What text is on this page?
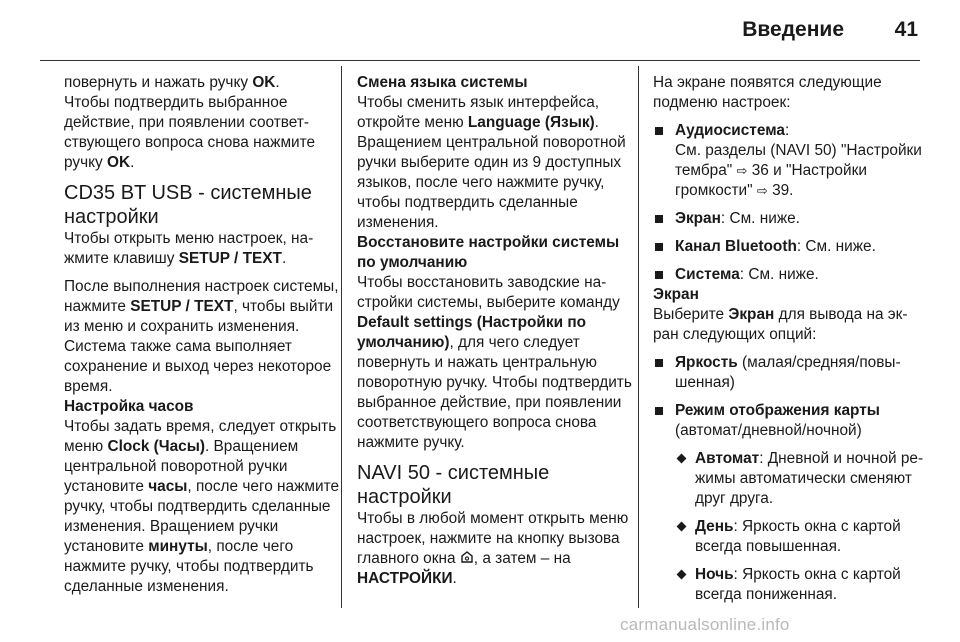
Введение 41
повернуть и нажать ручку OK.
Чтобы подтвердить выбранное действие, при появлении соответствующего вопроса снова нажмите ручку OK.
CD35 BT USB - системные настройки
Чтобы открыть меню настроек, нажмите клавишу SETUP / TEXT.
После выполнения настроек системы, нажмите SETUP / TEXT, чтобы выйти из меню и сохранить изменения. Система также сама выполняет сохранение и выход через некоторое время.
Настройка часов
Чтобы задать время, следует открыть меню Clock (Часы). Вращением центральной поворотной ручки установите часы, после чего нажмите ручку, чтобы подтвердить сделанные изменения. Вращением ручки установите минуты, после чего нажмите ручку, чтобы подтвердить сделанные изменения.
Смена языка системы
Чтобы сменить язык интерфейса, откройте меню Language (Язык). Вращением центральной поворотной ручки выберите один из 9 доступных языков, после чего нажмите ручку, чтобы подтвердить сделанные изменения.
Восстановите настройки системы по умолчанию
Чтобы восстановить заводские настройки системы, выберите команду Default settings (Настройки по умолчанию), для чего следует повернуть и нажать центральную поворотную ручку. Чтобы подтвердить выбранное действие, при появлении соответствующего вопроса снова нажмите ручку.
NAVI 50 - системные настройки
Чтобы в любой момент открыть меню настроек, нажмите на кнопку вызова главного окна , а затем – на НАСТРОЙКИ.
На экране появятся следующие подменю настроек:
Аудиосистема:
См. разделы (NAVI 50) "Настройки тембра" ⇨ 36 и "Настройки громкости" ⇨ 39.
Экран: См. ниже.
Канал Bluetooth: См. ниже.
Система: См. ниже.
Экран
Выберите Экран для вывода на экран следующих опций:
Яркость (малая/средняя/повышенная)
Режим отображения карты (автомат/дневной/ночной)
Автомат: Дневной и ночной режимы автоматически сменяют друг друга.
День: Яркость окна с картой всегда повышенная.
Ночь: Яркость окна с картой всегда пониженная.
carmanualsonline.info
